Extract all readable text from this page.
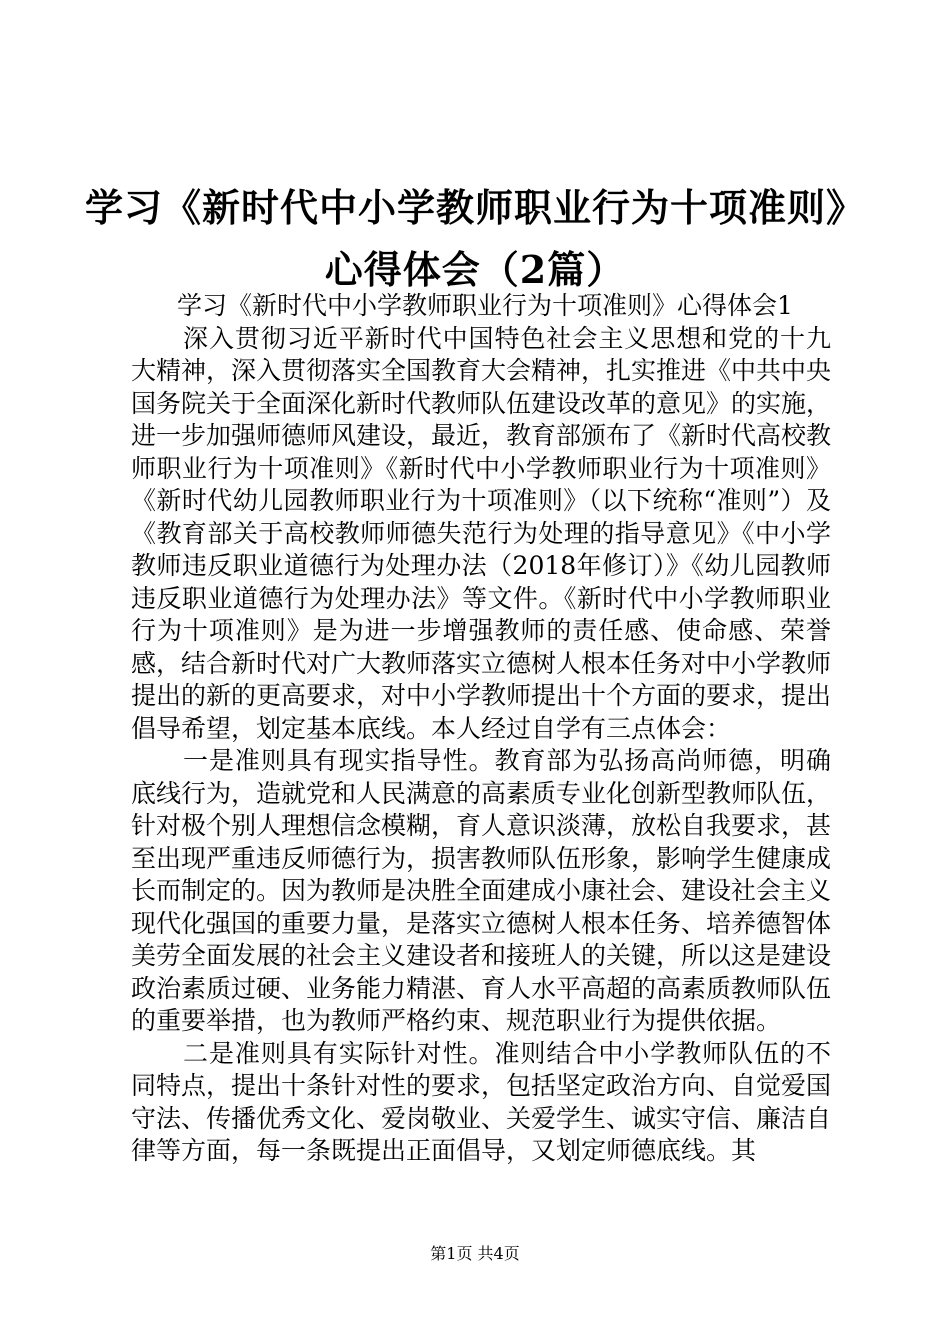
学习《新时代中小学教师职业行为十项准则》
心得体会（2篇）

学习《新时代中小学教师职业行为十项准则》心得体会1

深入贯彻习近平新时代中国特色社会主义思想和党的十九大精神，深入贯彻落实全国教育大会精神，扎实推进《中共中央国务院关于全面深化新时代教师队伍建设改革的意见》的实施，进一步加强师德师风建设，最近，教育部颁布了《新时代高校教师职业行为十项准则》《新时代中小学教师职业行为十项准则》《新时代幼儿园教师职业行为十项准则》（以下统称“准则”）及《教育部关于高校教师师德失范行为处理的指导意见》《中小学教师违反职业道德行为处理办法（2018年修订）》《幼儿园教师违反职业道德行为处理办法》等文件。《新时代中小学教师职业行为十项准则》是为进一步增强教师的责任感、使命感、荣誉感，结合新时代对广大教师落实立德树人根本任务对中小学教师提出的新的更高要求，对中小学教师提出十个方面的要求，提出倡导希望，划定基本底线。本人经过自学有三点体会：

一是准则具有现实指导性。教育部为弘扬高尚师德，明确底线行为，造就党和人民满意的高素质专业化创新型教师队伍，针对极个别人理想信念模糊，育人意识淡薄，放松自我要求，甚至出现严重违反师德行为，损害教师队伍形象，影响学生健康成长而制定的。因为教师是决胜全面建成小康社会、建设社会主义现代化强国的重要力量，是落实立德树人根本任务、培养德智体美劳全面发展的社会主义建设者和接班人的关键，所以这是建设政治素质过硬、业务能力精湛、育人水平高超的高素质教师队伍的重要举措，也为教师严格约束、规范职业行为提供依据。

二是准则具有实际针对性。准则结合中小学教师队伍的不同特点，提出十条针对性的要求，包括坚定政治方向、自觉爱国守法、传播优秀文化、爱岗敬业、关爱学生、诚实守信、廉洁自律等方面，每一条既提出正面倡导，又划定师德底线。其

第1页 共4页
